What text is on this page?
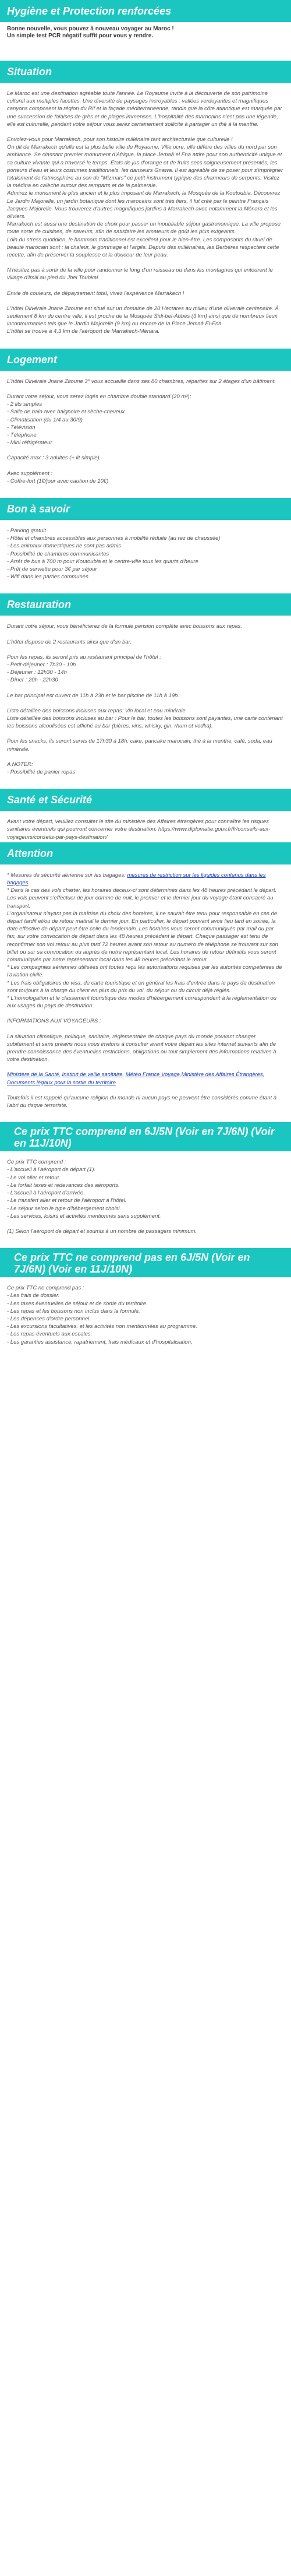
Hygiène et Protection renforcées
Bonne nouvelle, vous pouvez à nouveau voyager au Maroc !
Un simple test PCR négatif suffit pour vous y rendre.
Situation

Le Maroc est une destination agréable toute l'année. Le Royaume invite à la découverte de son patrimoine culturel aux multiples facettes. Une diversité de paysages incroyables : vallées verdoyantes et magnifiques canyons composent la région du Rif et la façade méditerranéenne, tandis que la côte atlantique est marquée par une succession de falaises de grès et de plages immenses. L'hospitalité des marocains n'est pas une légende, elle est culturelle, pendant votre séjour vous serez certainement sollicité à partager un thé à la menthe.

Envolez-vous pour Marrakech, pour son histoire millénaire tant architecturale que culturelle !
On dit de Marrakech qu'elle est la plus belle ville du Royaume. Ville ocre, elle diffère des villes du nord par son ambiance. Se classant premier monument d'Afrique, la place Jemaâ el Fna attire pour son authenticité unique et sa culture vivante qui a traversé le temps. Étals de jus d'orange et de fruits secs soigneusement présentés, les porteurs d'eau et leurs costumes traditionnels, les danseurs Gnawa. Il est agréable de se poser pour s'imprégner totalement de l'atmosphère au son de "Mizmars" ce petit instrument typique des charmeurs de serpents. Visitez la médina en calèche autour des remparts et de la palmeraie.
Admirez le monument le plus ancien et le plus imposant de Marrakech, la Mosquée de la Koutoubia. Découvrez Le Jardin Majorelle, un jardin botanique dont les marocains sont très fiers, il fut créé par le peintre Français Jacques Majorelle. Vous trouverez d'autres magnifiques jardins à Marrakech avec notamment la Ménara et les oliviers.
Marrakech est aussi une destination de choix pour passer un inoubliable séjour gastronomique. La ville propose toute sorte de cuisines, de saveurs, afin de satisfaire les amateurs de goût les plus exigeants.
Loin du stress quotidien, le hammam traditionnel est excellent pour le bien-être. Les composants du rituel de beauté marocain sont : la chaleur, le gommage et l'argile. Depuis des millénaires, les Berbères respectent cette recette, afin de préserver la souplesse et la douceur de leur peau.

N'hésitez pas à sortir de la ville pour randonner le long d'un ruisseau ou dans les montagnes qui entourent le village d'Imlil au pied du Jbel Toubkal.

Envie de couleurs, de dépaysement total, vivez l'expérience Marrakech !

L'hôtel Olivéraie Jnane Zitoune est situé sur un domaine de 20 Hectares au milieu d'une oliveraie centenaire. À seulement 8 km du centre ville, il est proche de la Mosquée Sidi-bel-Abbès (3 km) ainsi que de nombreux lieux incontournables tels que le Jardin Majorelle (9 km) ou encore de la Place Jemaâ El-Fna.
L'hôtel se trouve à 4,3 km de l'aéroport de Marrakech-Ménara.

Logement

L'hôtel Olivéraie Jnane Zitoune 3* vous accueille dans ses 80 chambres, réparties sur 2 étages d'un bâtiment.

Durant votre séjour, vous serez logés en chambre double standard (20 m²):
- 2 lits simples
- Salle de bain avec baignoire et sèche-cheveux
- Climatisation (du 1/4 au 30/9)
- Télévision
- Téléphone
- Mini réfrigérateur

Capacité max : 3 adultes (+ lit simple).

Avec supplément :
- Coffre-fort (1€/jour avec caution de 10€)

Bon à savoir

- Parking gratuit
- Hôtel et chambres accessibles aux personnes à mobilité réduite (au rez de chaussée)
- Les animaux domestiques ne sont pas admis
- Possibilité de chambres communicantes
- Arrêt de bus à 700 m pour Koutoubia et le centre-ville tous les quarts d'heure
- Prêt de serviette pour 3€ par séjour
- Wifi dans les parties communes

Restauration

Durant votre séjour, vous bénéficierez de la formule pension complète avec boissons aux repas.

L'hôtel dispose de 2 restaurants ainsi que d'un bar.

Pour les repas, ils seront pris au restaurant principal de l'hôtel :
- Petit-déjeuner : 7h30 - 10h
- Déjeuner : 12h30 - 14h
- Dîner : 20h - 22h30

Le bar principal est ouvert de 11h à 23h et le bar piscine de 11h à 19h.

Lista détaillée des boissons incluses aux repas: Vin local et eau minérale
Liste détaillée des boissons incluses au bar : Pour le bar, toutes les boissons sont payantes, une carte contenant les boissons alcoolisées est affiché au bar (bières, vins, whisky, gin, rhum et vodka).

Pour les snacks, ils seront servis de 17h30 à 18h: cake, pancake marocain, thé à la menthe, café, soda, eau minérale.

A NOTER:
- Possibilité de panier repas

Santé et Sécurité

Avant votre départ, veuillez consulter le site du ministère des Affaires étrangères pour connaître les risques sanitaires éventuels qui pourront concerner votre destination: https://www.diplomatie.gouv.fr/fr/conseils-aux-voyageurs/conseils-par-pays-destination/

Attention

* Mesures de sécurité aérienne sur les bagages: mesures de restriction sur les liquides contenus dans les bagages.
* Dans le cas des vols charter, les horaires deceux-ci sont déterminés dans les 48 heures précédant le départ. Les vols peuvent s'effectuer de jour comme de nuit, le premier et le dernier jour du voyage étant consacré au transport.
L'organisateur n'ayant pas la maîtrise du choix des horaires, il ne saurait être tenu pour responsable en cas de départ tardif et/ou de retour matinal le dernier jour. En particulier, le départ pouvant avoir lieu tard en soirée, la date effective de départ peut être celle du lendemain. Les horaires vous seront communiqués par mail ou par fax, sur votre convocation de départ dans les 48 heures précédant le départ. Chaque passager est tenu de reconfirmer son vol retour au plus tard 72 heures avant son retour au numéro de téléphone se trouvant sur son billet ou sur sa convocation ou auprès de notre représentant local. Les horaires de retour définitifs vous seront communiqués par notre représentant local dans les 48 heures précédant le retour.
* Les compagnies aériennes utilisées ont toutes reçu les autorisations requises par les autorités compétentes de l'aviation civile.
* Les frais obligatoires de visa, de carte touristique et en général les frais d'entrée dans le pays de destination sont toujours à la charge du client en plus du prix du vol, du séjour ou du circuit déjà réglés.
* L'homologation et le classement touristique des modes d'hébergement correspondent à la réglementation ou aux usages du pays de destination.

INFORMATIONS AUX VOYAGEURS :

La situation climatique, politique, sanitaire, réglementaire de chaque pays du monde pouvant changer subitement et sans préavis nous vous invitons à consulter avant votre départ les sites internet suivants afin de prendre connaissance des éventuelles restrictions, obligations ou tout simplement des informations relatives à votre destination.

Ministère de la Santé, Institut de veille sanitaire, Météo France Voyage,Ministère des Affaires Étrangères, Documents légaux pour la sortie du territoire.

Toutefois il est rappelé qu'aucune religion du monde ni aucun pays ne peuvent être considérés comme étant à l'abri du risque terroriste.

Ce prix TTC comprend en 6J/5N (Voir en 7J/6N) (Voir en 11J/10N)

Ce prix TTC comprend :
- L'accueil à l'aéroport de départ (1).
- Le vol aller et retour.
- Le forfait taxes et redevances des aéroports.
- L'accueil à l'aéroport d'arrivée.
- Le transfert aller et retour de l'aéroport à l'hôtel.
- Le séjour selon le type d'hébergement choisi.
- Les services, loisirs et activités mentionnés sans supplément.

(1) Selon l'aéroport de départ et soumis à un nombre de passagers minimum.

Ce prix TTC ne comprend pas en 6J/5N (Voir en 7J/6N) (Voir en 11J/10N)

Ce prix TTC ne comprend pas :
- Les frais de dossier.
- Les taxes éventuelles de séjour et de sortie du territoire.
- Les repas et les boissons non inclus dans la formule.
- Les dépenses d'ordre personnel.
- Les excursions facultatives, et les activités non mentionnées au programme.
- Les repas éventuels aux escales.
- Les garanties assistance, rapatriement, frais médicaux et d'hospitalisation,
